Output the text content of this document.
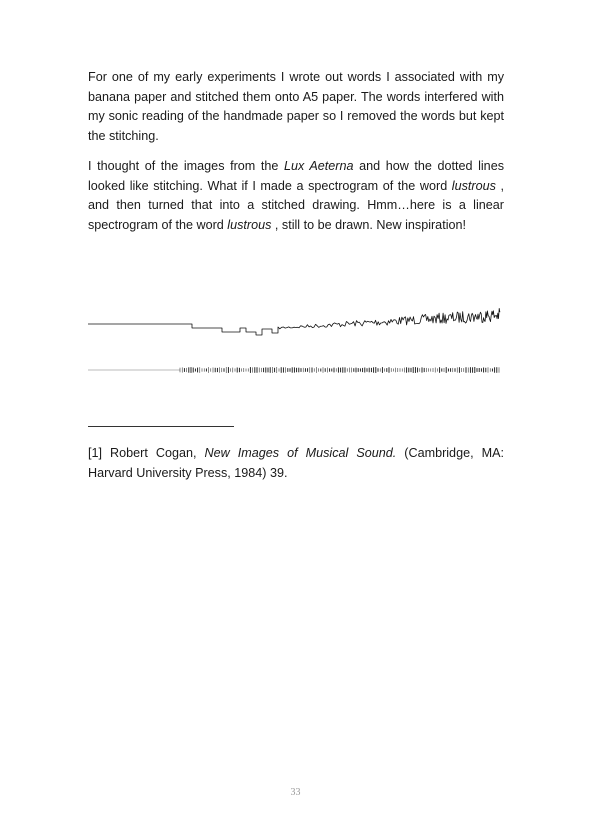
For one of my early experiments I wrote out words I associated with my banana paper and stitched them onto A5 paper. The words interfered with my sonic reading of the handmade paper so I removed the words but kept the stitching.

I thought of the images from the Lux Aeterna and how the dotted lines looked like stitching. What if I made a spectrogram of the word lustrous , and then turned that into a stitched drawing. Hmm…here is a linear spectrogram of the word lustrous , still to be drawn. New inspiration!

[1] Robert Cogan, New Images of Musical Sound. (Cambridge, MA: Harvard University Press, 1984) 39.

33
